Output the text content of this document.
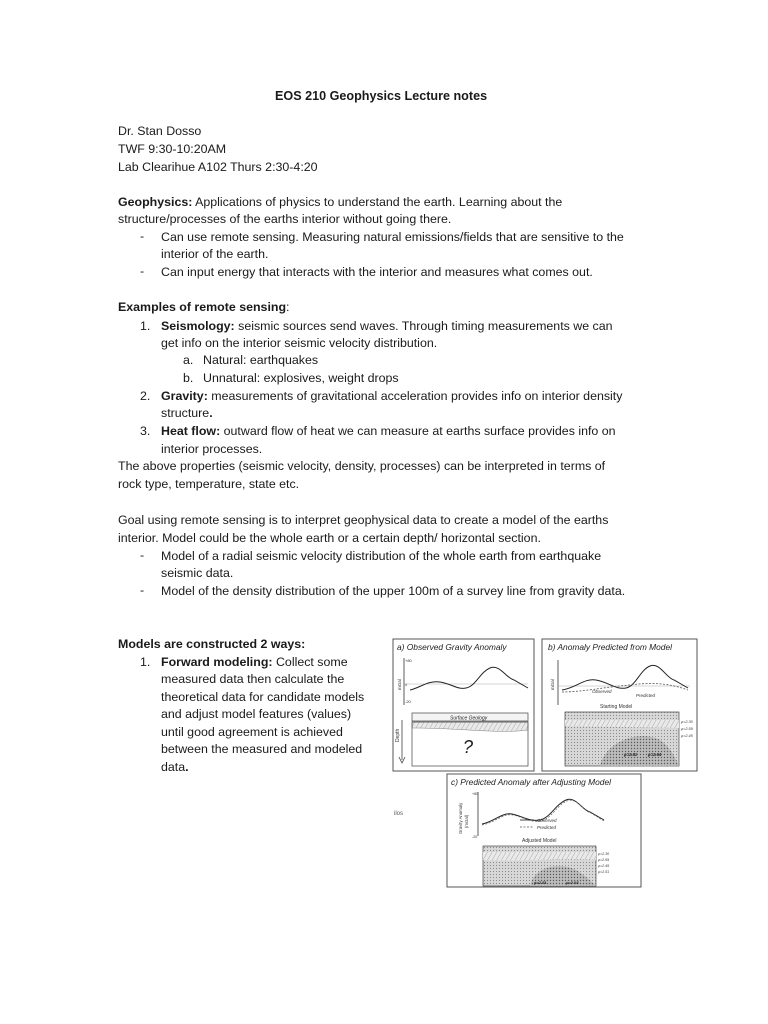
EOS 210 Geophysics Lecture notes
Dr. Stan Dosso
TWF 9:30-10:20AM
Lab Clearihue A102 Thurs 2:30-4:20
Geophysics: Applications of physics to understand the earth. Learning about the
structure/processes of the earths interior without going there.
- Can use remote sensing. Measuring natural emissions/fields that are sensitive to the
interior of the earth.
- Can input energy that interacts with the interior and measures what comes out.
Examples of remote sensing:
1. Seismology: seismic sources send waves. Through timing measurements we can
get info on the interior seismic velocity distribution.
a. Natural: earthquakes
b. Unnatural: explosives, weight drops
2. Gravity: measurements of gravitational acceleration provides info on interior density
structure.
3. Heat flow: outward flow of heat we can measure at earths surface provides info on
interior processes.
The above properties (seismic velocity, density, processes) can be interpreted in terms of
rock type, temperature, state etc.
Goal using remote sensing is to interpret geophysical data to create a model of the earths
interior. Model could be the whole earth or a certain depth/ horizontal section.
- Model of a radial seismic velocity distribution of the whole earth from earthquake
seismic data.
- Model of the density distribution of the upper 100m of a survey line from gravity data.
Models are constructed 2 ways:
1. Forward modeling: Collect some
measured data then calculate the
theoretical data for candidate models
and adjust model features (values)
until good agreement is achieved
between the measured and modeled
data.
a) Observed Gravity Anomaly
+80
0
-20
mGal
Surface Geology
?
Depth
b) Anomaly Predicted from Model
mGal
Observed
Predicted
Starting Model
ρ=2.30
ρ=2.59
ρ=2.45
ρ=2.81	ρ=2.64
c) Predicted Anomaly after Adjusting Model
+80
-20
Gravity Anomaly (mGal)	Observed
Predicted
Adjusted Model
ρ=2.30
ρ=2.59
ρ=2.45
ρ=2.51
ρ=2.81	ρ=2.64
ilos
